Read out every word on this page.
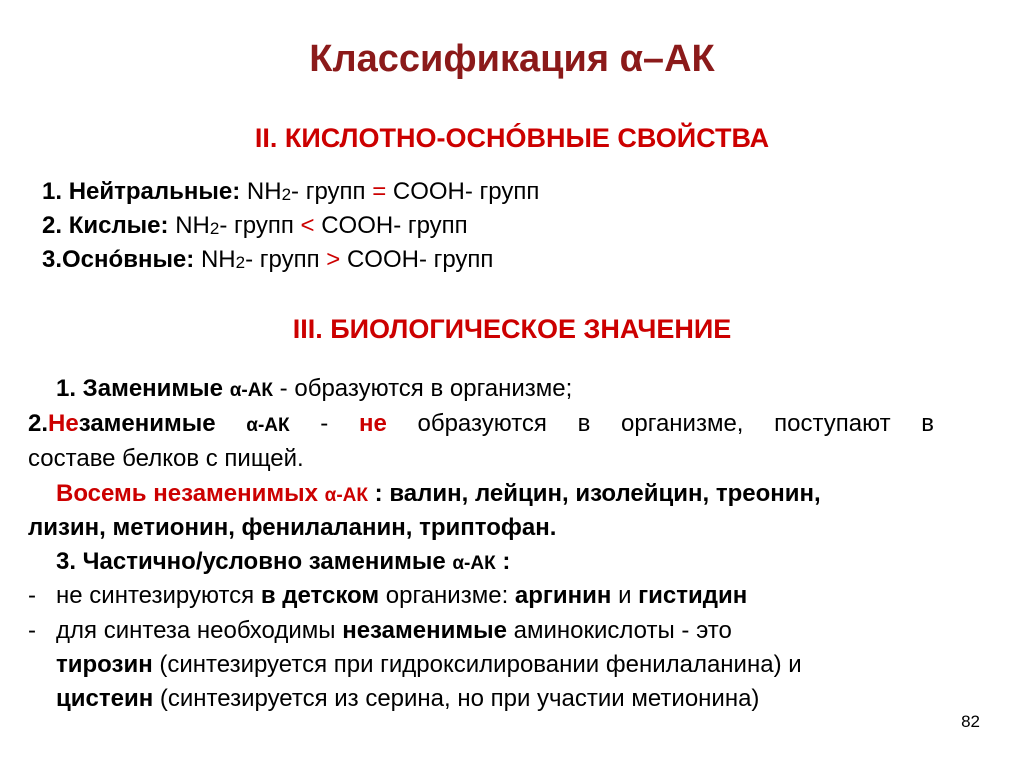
Классификация α–АК
II. КИСЛОТНО-ОСНÓВНЫЕ СВОЙСТВА
1. Нейтральные: NH2- групп = COOH- групп
2. Кислые: NH2- групп < COOH- групп
3.Оснóвные: NH2- групп > COOH- групп
III. БИОЛОГИЧЕСКОЕ ЗНАЧЕНИЕ
1. Заменимые α-АК - образуются в организме;
2.Незаменимые α-АК - не образуются в организме, поступают в
составе белков с пищей.
Восемь незаменимых α-АК : валин, лейцин, изолейцин, треонин,
лизин, метионин, фенилаланин, триптофан.
3. Частично/условно заменимые α-АК :
- не синтезируются в детском организме: аргинин и гистидин
- для синтеза необходимы незаменимые аминокислоты - это
тирозин (синтезируется при гидроксилировании фенилаланина) и
цистеин (синтезируется из серина, но при участии метионина)
82
